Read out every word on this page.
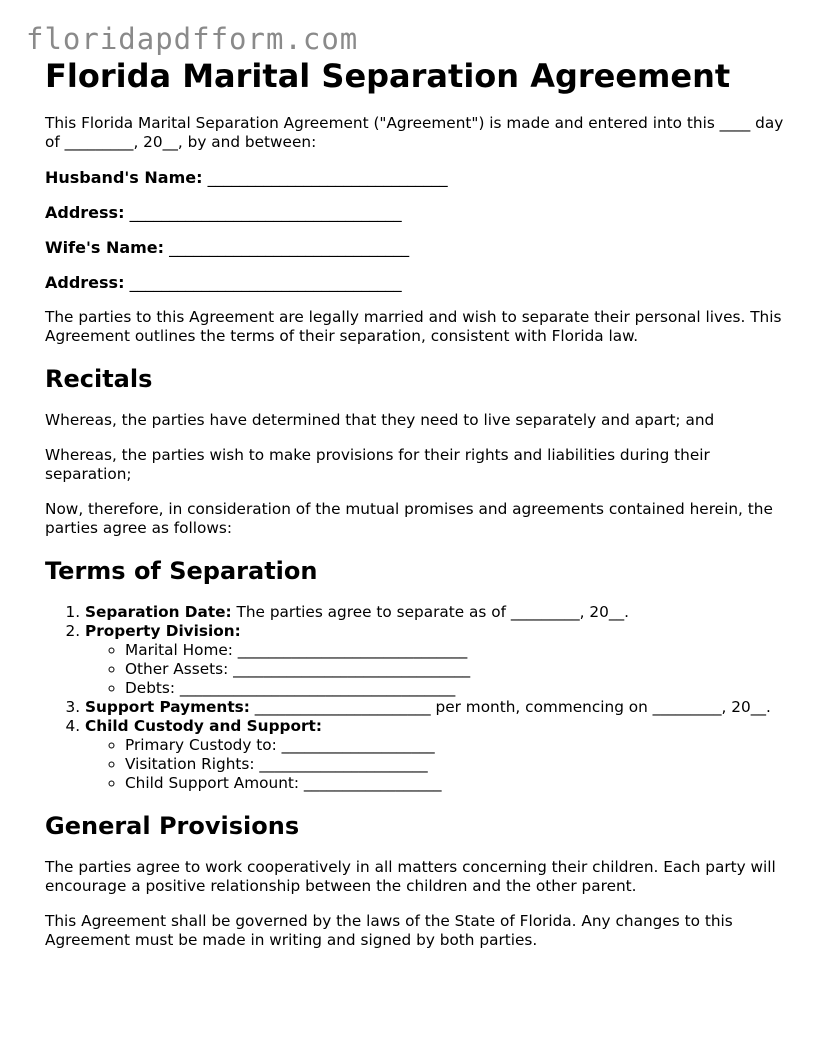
floridapdfform.com
Florida Marital Separation Agreement

This Florida Marital Separation Agreement ("Agreement") is made and entered into this ____ day of _________, 20__, by and between:

Husband's Name: ______________________________
Address: __________________________________
Wife's Name: ______________________________
Address: __________________________________

The parties to this Agreement are legally married and wish to separate their personal lives. This Agreement outlines the terms of their separation, consistent with Florida law.

Recitals

Whereas, the parties have determined that they need to live separately and apart; and

Whereas, the parties wish to make provisions for their rights and liabilities during their separation;

Now, therefore, in consideration of the mutual promises and agreements contained herein, the parties agree as follows:

Terms of Separation
1. Separation Date: The parties agree to separate as of _________, 20__.
2. Property Division:
◦ Marital Home: ______________________________
◦ Other Assets: _______________________________
◦ Debts: ____________________________________
3. Support Payments: _______________________ per month, commencing on _________, 20__.
4. Child Custody and Support:
◦ Primary Custody to: ____________________
◦ Visitation Rights: ______________________
◦ Child Support Amount: __________________
General Provisions

The parties agree to work cooperatively in all matters concerning their children. Each party will encourage a positive relationship between the children and the other parent.

This Agreement shall be governed by the laws of the State of Florida. Any changes to this Agreement must be made in writing and signed by both parties.
